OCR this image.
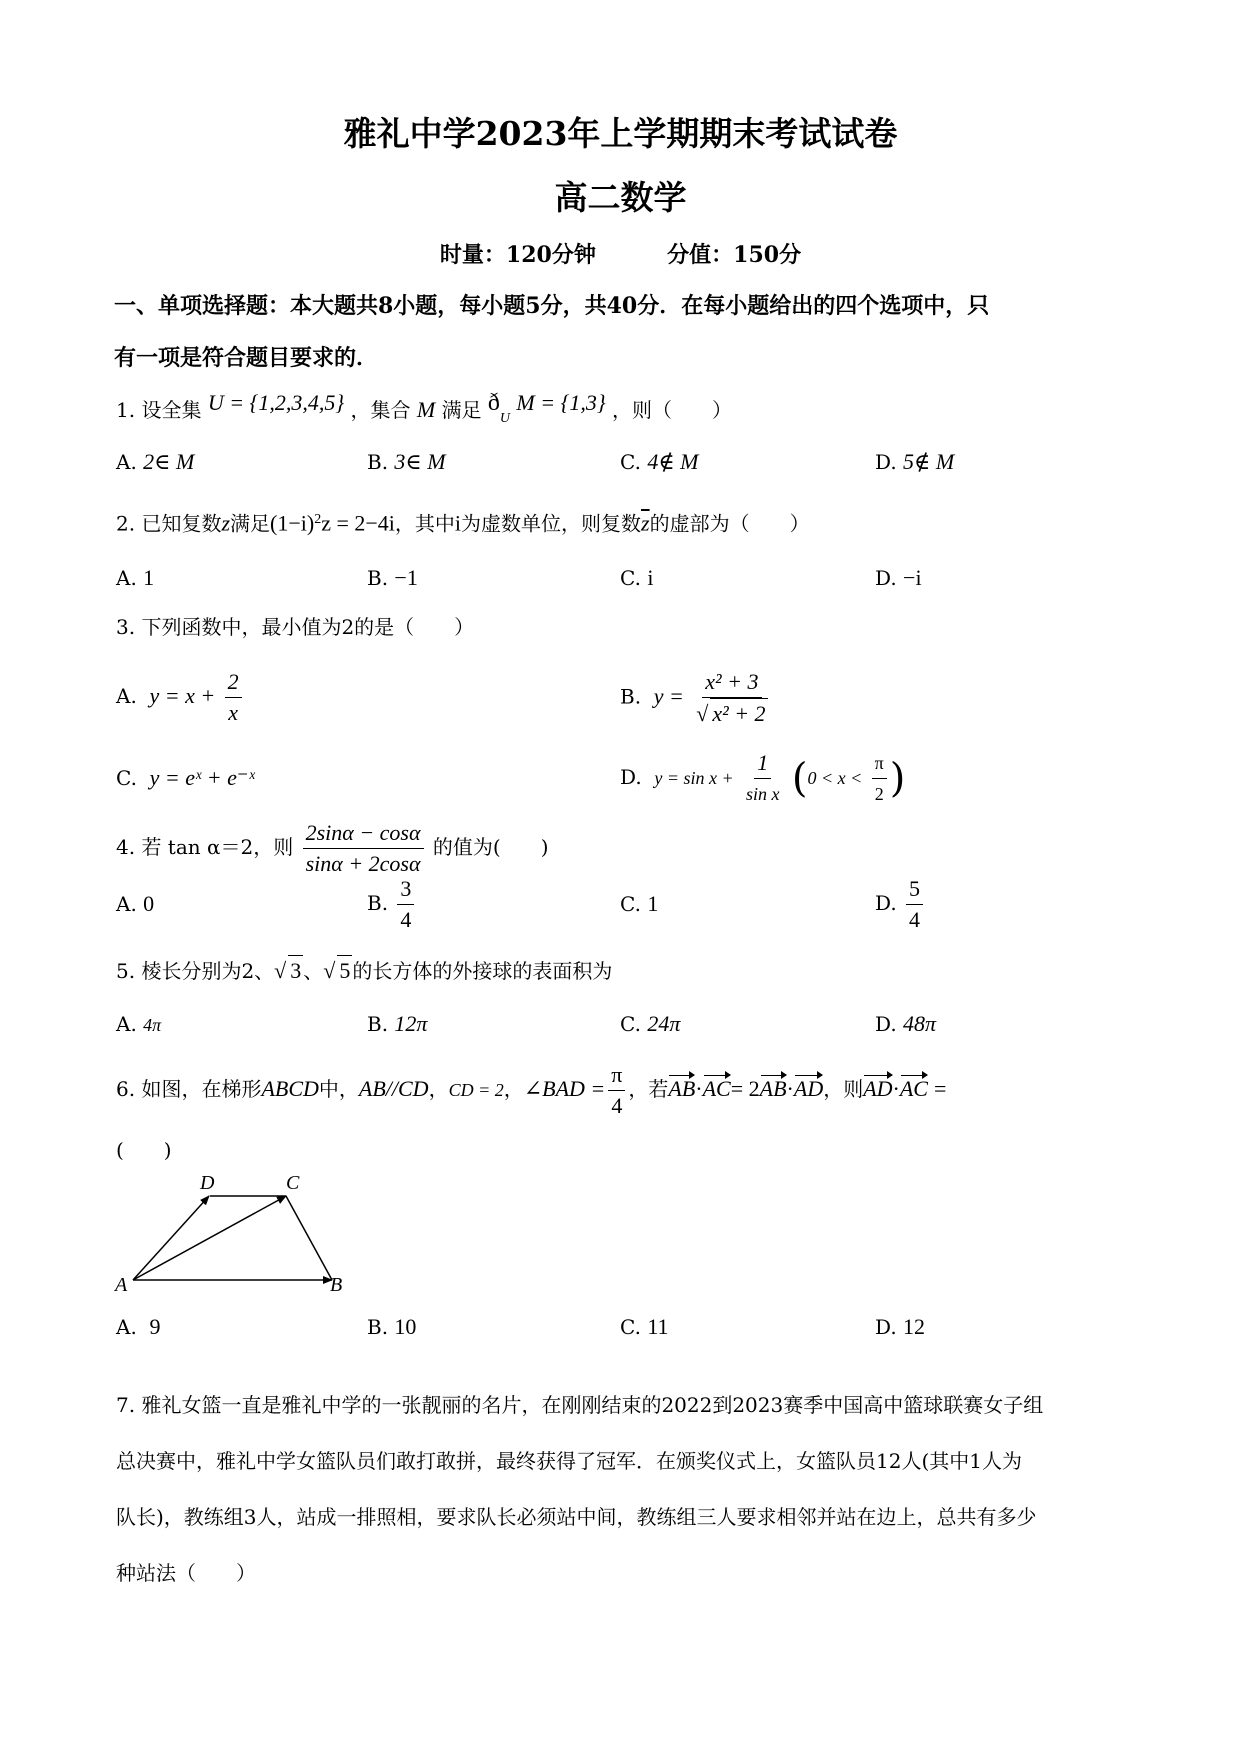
雅礼中学2023年上学期期末考试试卷
高二数学
时量：120分钟	分值：150分
一、单项选择题：本大题共8小题，每小题5分，共40分．在每小题给出的四个选项中，只
有一项是符合题目要求的．
1. 设全集 U = {1,2,3,4,5} ，集合 M 满足 $ð_U$ M = {1,3} ，则（　　）
A. 2∈ M	B. 3∈ M	C. 4∉ M	D. 5∉ M
2. 已知复数z满足$(1-i)^2z = 2-4i$，其中i为虚数单位，则复数$\overline{z}$的虚部为（　　）
A. 1	B. −1	C. i	D. −i
3. 下列函数中，最小值为2的是（　　）
A. $y = x + \frac{2}{x}$	B. $y = \frac{\text{x² + 3}}{\text{√ x² + 2}}$
C. y = eˣ + e⁻ˣ	D. $y = \sin x + \frac{1}{\text{sin x}} (0 < x < \frac{\pi}{2}$ )
4. 若 tan α＝2，则 $\frac{2\sin\alpha - \cos\alpha}{\sin\alpha + 2\cos\alpha}$ 的值为(　　)
A. 0	B. $\frac{3}{4}$	C. 1	D. $\frac{5}{4}$
5. 棱长分别为2、√ 3 、√ 5 的长方体的外接球的表面积为
A. 4π	B. 12π	C. 24π	D. 48π
6. 如图，在梯形ABCD中，AB//CD，CD = 2，∠BAD = $\frac{\pi}{4}$ ，若AB·AC= 2AB·AD，则AD·AC =
(　　)
A
D	C
B
A. 9	B. 10	C. 11	D. 12
7. 雅礼女篮一直是雅礼中学的一张靓丽的名片，在刚刚结束的2022到2023赛季中国高中篮球联赛女子组
总决赛中，雅礼中学女篮队员们敢打敢拼，最终获得了冠军．在颁奖仪式上，女篮队员12人(其中1人为
队长)，教练组3人，站成一排照相，要求队长必须站中间，教练组三人要求相邻并站在边上，总共有多少
种站法（　　）
